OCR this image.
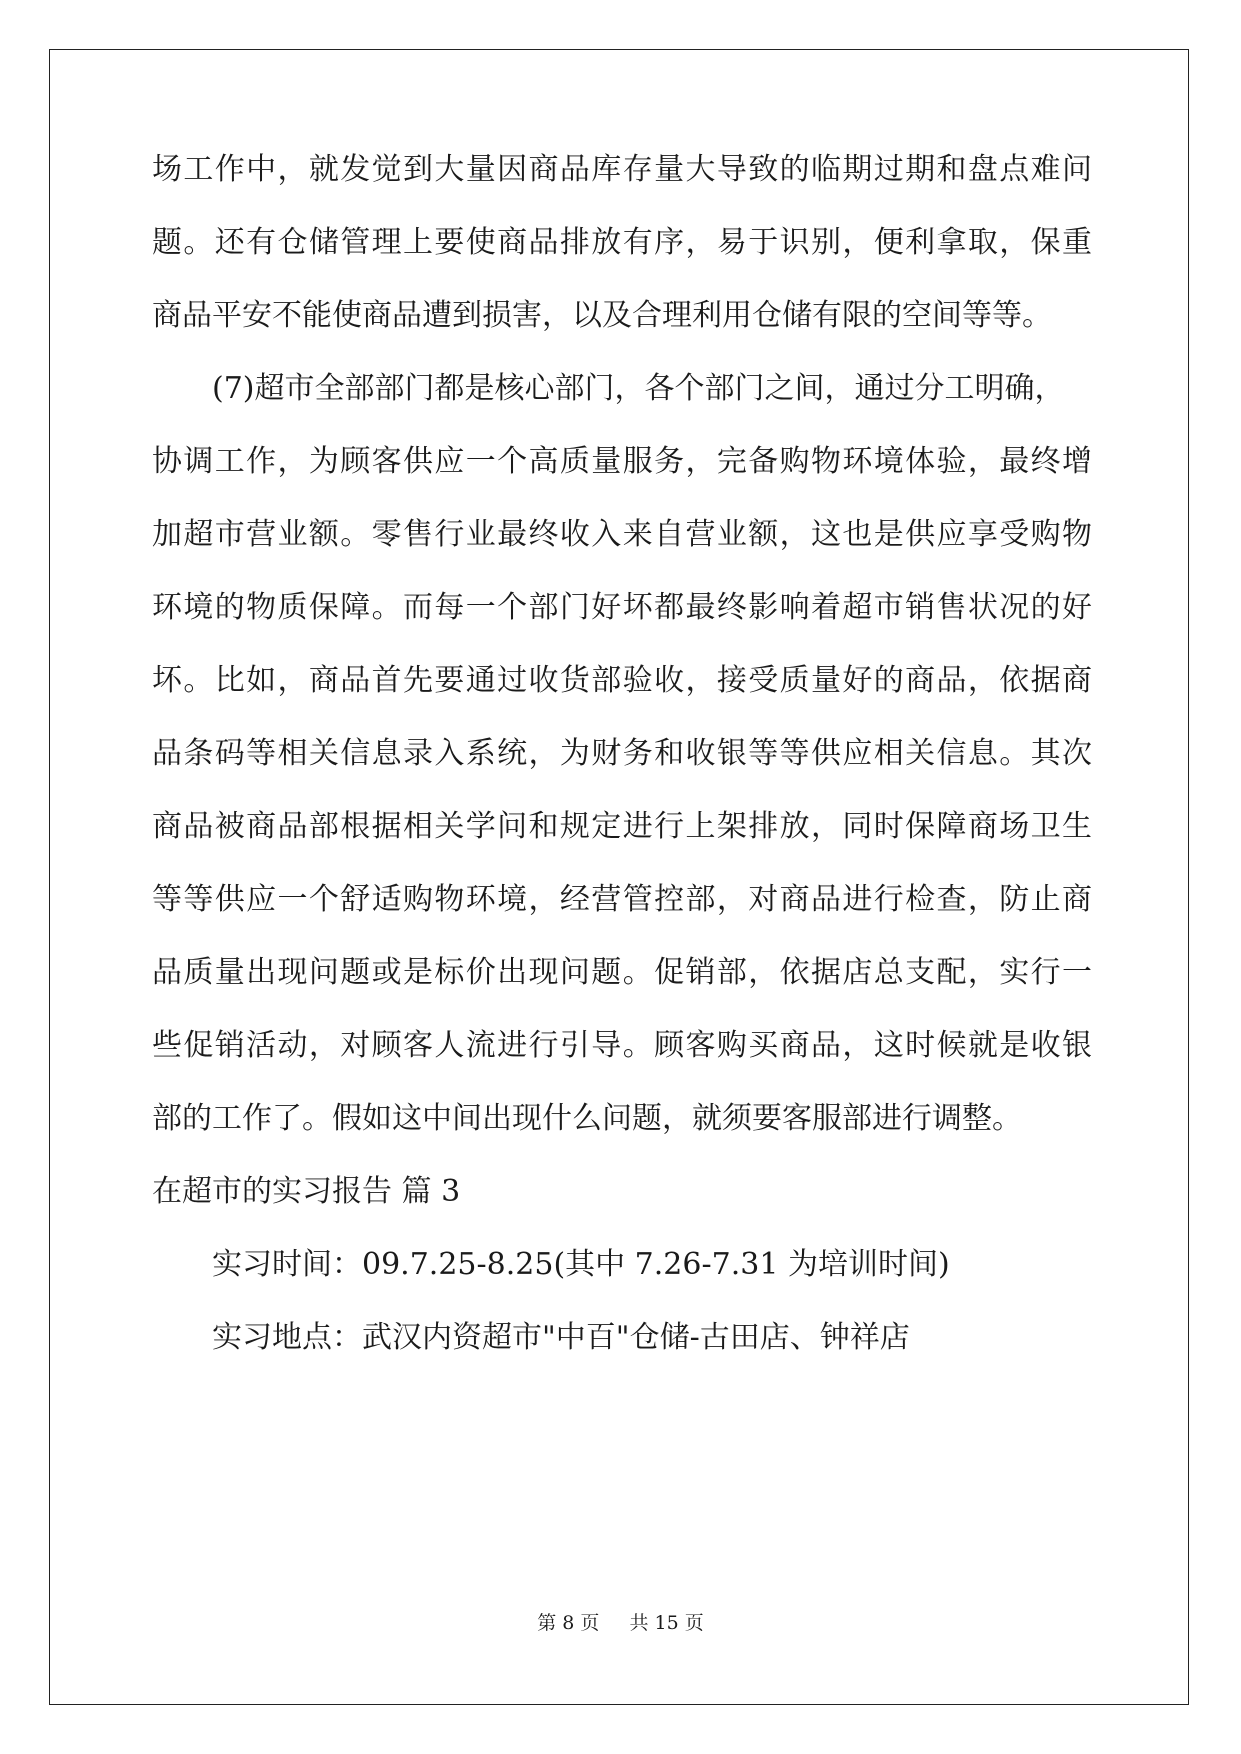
场工作中，就发觉到大量因商品库存量大导致的临期过期和盘点难问
题。还有仓储管理上要使商品排放有序，易于识别，便利拿取，保重
商品平安不能使商品遭到损害，以及合理利用仓储有限的空间等等。
(7)超市全部部门都是核心部门，各个部门之间，通过分工明确，
协调工作，为顾客供应一个高质量服务，完备购物环境体验，最终增
加超市营业额。零售行业最终收入来自营业额，这也是供应享受购物
环境的物质保障。而每一个部门好坏都最终影响着超市销售状况的好
坏。比如，商品首先要通过收货部验收，接受质量好的商品，依据商
品条码等相关信息录入系统，为财务和收银等等供应相关信息。其次
商品被商品部根据相关学问和规定进行上架排放，同时保障商场卫生
等等供应一个舒适购物环境，经营管控部，对商品进行检查，防止商
品质量出现问题或是标价出现问题。促销部，依据店总支配，实行一
些促销活动，对顾客人流进行引导。顾客购买商品，这时候就是收银
部的工作了。假如这中间出现什么问题，就须要客服部进行调整。
在超市的实习报告 篇 3
实习时间：09.7.25-8.25(其中 7.26-7.31 为培训时间)
实习地点：武汉内资超市"中百"仓储-古田店、钟祥店
第 8 页 共 15 页
